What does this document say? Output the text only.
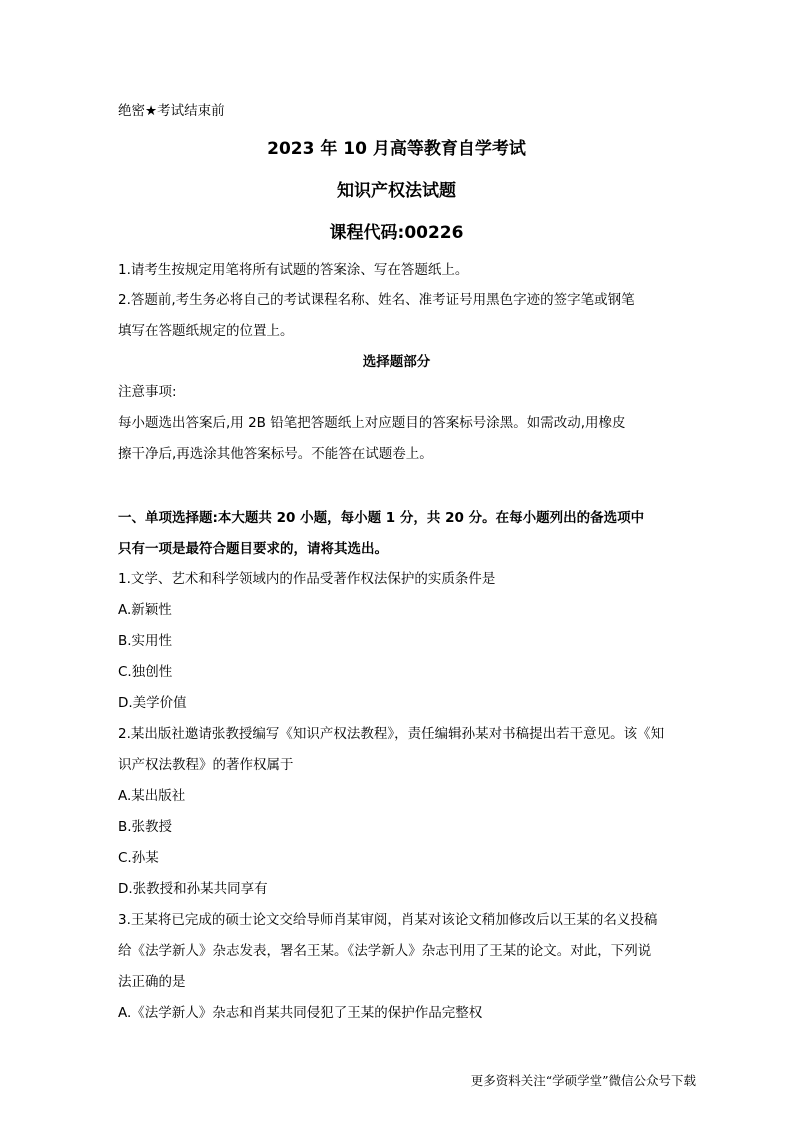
绝密★考试结束前
2023 年 10 月高等教育自学考试
知识产权法试题
课程代码:00226
1.请考生按规定用笔将所有试题的答案涂、写在答题纸上。
2.答题前,考生务必将自己的考试课程名称、姓名、准考证号用黑色字迹的签字笔或钢笔
填写在答题纸规定的位置上。
选择题部分
注意事项:
每小题选出答案后,用 2B 铅笔把答题纸上对应题目的答案标号涂黑。如需改动,用橡皮
擦干净后,再选涂其他答案标号。不能答在试题卷上。
一、单项选择题:本大题共 20 小题，每小题 1 分，共 20 分。在每小题列出的备选项中
只有一项是最符合题目要求的，请将其选出。
1.文学、艺术和科学领域内的作品受著作权法保护的实质条件是
A.新颖性
B.实用性
C.独创性
D.美学价值
2.某出版社邀请张教授编写《知识产权法教程》，责任编辑孙某对书稿提出若干意见。该《知
识产权法教程》的著作权属于
A.某出版社
B.张教授
C.孙某
D.张教授和孙某共同享有
3.王某将已完成的硕士论文交给导师肖某审阅，肖某对该论文稍加修改后以王某的名义投稿
给《法学新人》杂志发表，署名王某。《法学新人》杂志刊用了王某的论文。对此，下列说
法正确的是
A.《法学新人》杂志和肖某共同侵犯了王某的保护作品完整权
更多资料关注“学硕学堂”微信公众号下载
